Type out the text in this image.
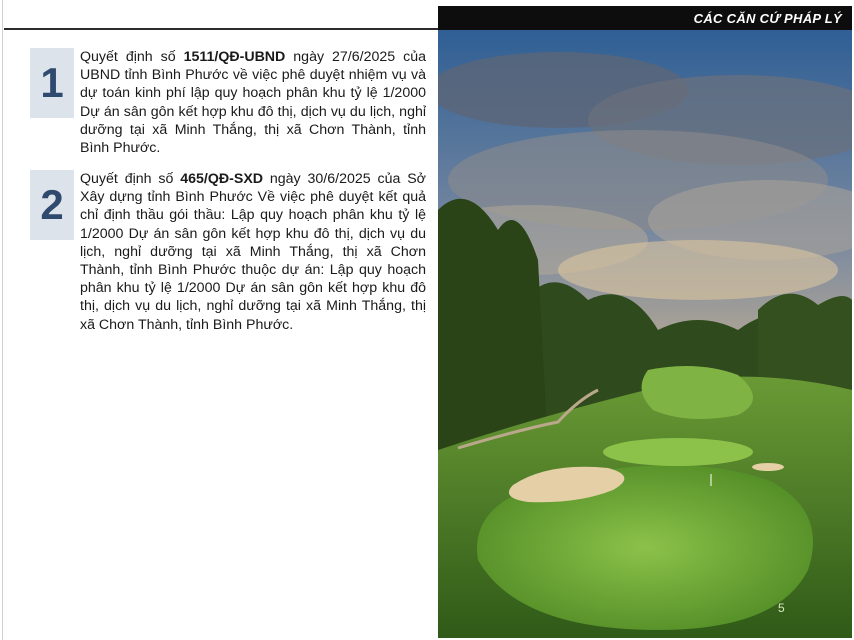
CÁC CĂN CỨ PHÁP LÝ
1
Quyết định số 1511/QĐ-UBND ngày 27/6/2025 của UBND tỉnh Bình Phước về việc phê duyệt nhiệm vụ và dự toán kinh phí lập quy hoạch phân khu tỷ lệ 1/2000 Dự án sân gôn kết hợp khu đô thị, dịch vụ du lịch, nghỉ dưỡng tại xã Minh Thắng, thị xã Chơn Thành, tỉnh Bình Phước.
2
Quyết định số 465/QĐ-SXD ngày 30/6/2025 của Sở Xây dựng tỉnh Bình Phước Về việc phê duyệt kết quả chỉ định thầu gói thầu: Lập quy hoạch phân khu tỷ lệ 1/2000 Dự án sân gôn kết hợp khu đô thị, dịch vụ du lịch, nghỉ dưỡng tại xã Minh Thắng, thị xã Chơn Thành, tỉnh Bình Phước thuộc dự án: Lập quy hoạch phân khu tỷ lệ 1/2000 Dự án sân gôn kết hợp khu đô thị, dịch vụ du lịch, nghỉ dưỡng tại xã Minh Thắng, thị xã Chơn Thành, tỉnh Bình Phước.
5
